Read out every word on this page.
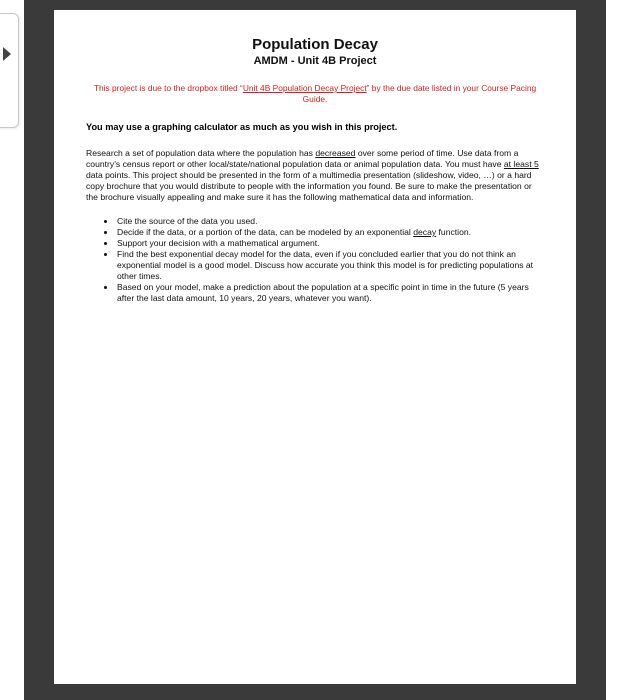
Population Decay
AMDM - Unit 4B Project

This project is due to the dropbox titled “Unit 4B Population Decay Project” by the due date listed in your Course Pacing Guide.

You may use a graphing calculator as much as you wish in this project.

Research a set of population data where the population has decreased over some period of time. Use data from a country’s census report or other local/state/national population data or animal population data. You must have at least 5 data points. This project should be presented in the form of a multimedia presentation (slideshow, video, …) or a hard copy brochure that you would distribute to people with the information you found. Be sure to make the presentation or the brochure visually appealing and make sure it has the following mathematical data and information.

• Cite the source of the data you used.
• Decide if the data, or a portion of the data, can be modeled by an exponential decay function.
• Support your decision with a mathematical argument.
• Find the best exponential decay model for the data, even if you concluded earlier that you do not think an exponential model is a good model. Discuss how accurate you think this model is for predicting populations at other times.
• Based on your model, make a prediction about the population at a specific point in time in the future (5 years after the last data amount, 10 years, 20 years, whatever you want).
